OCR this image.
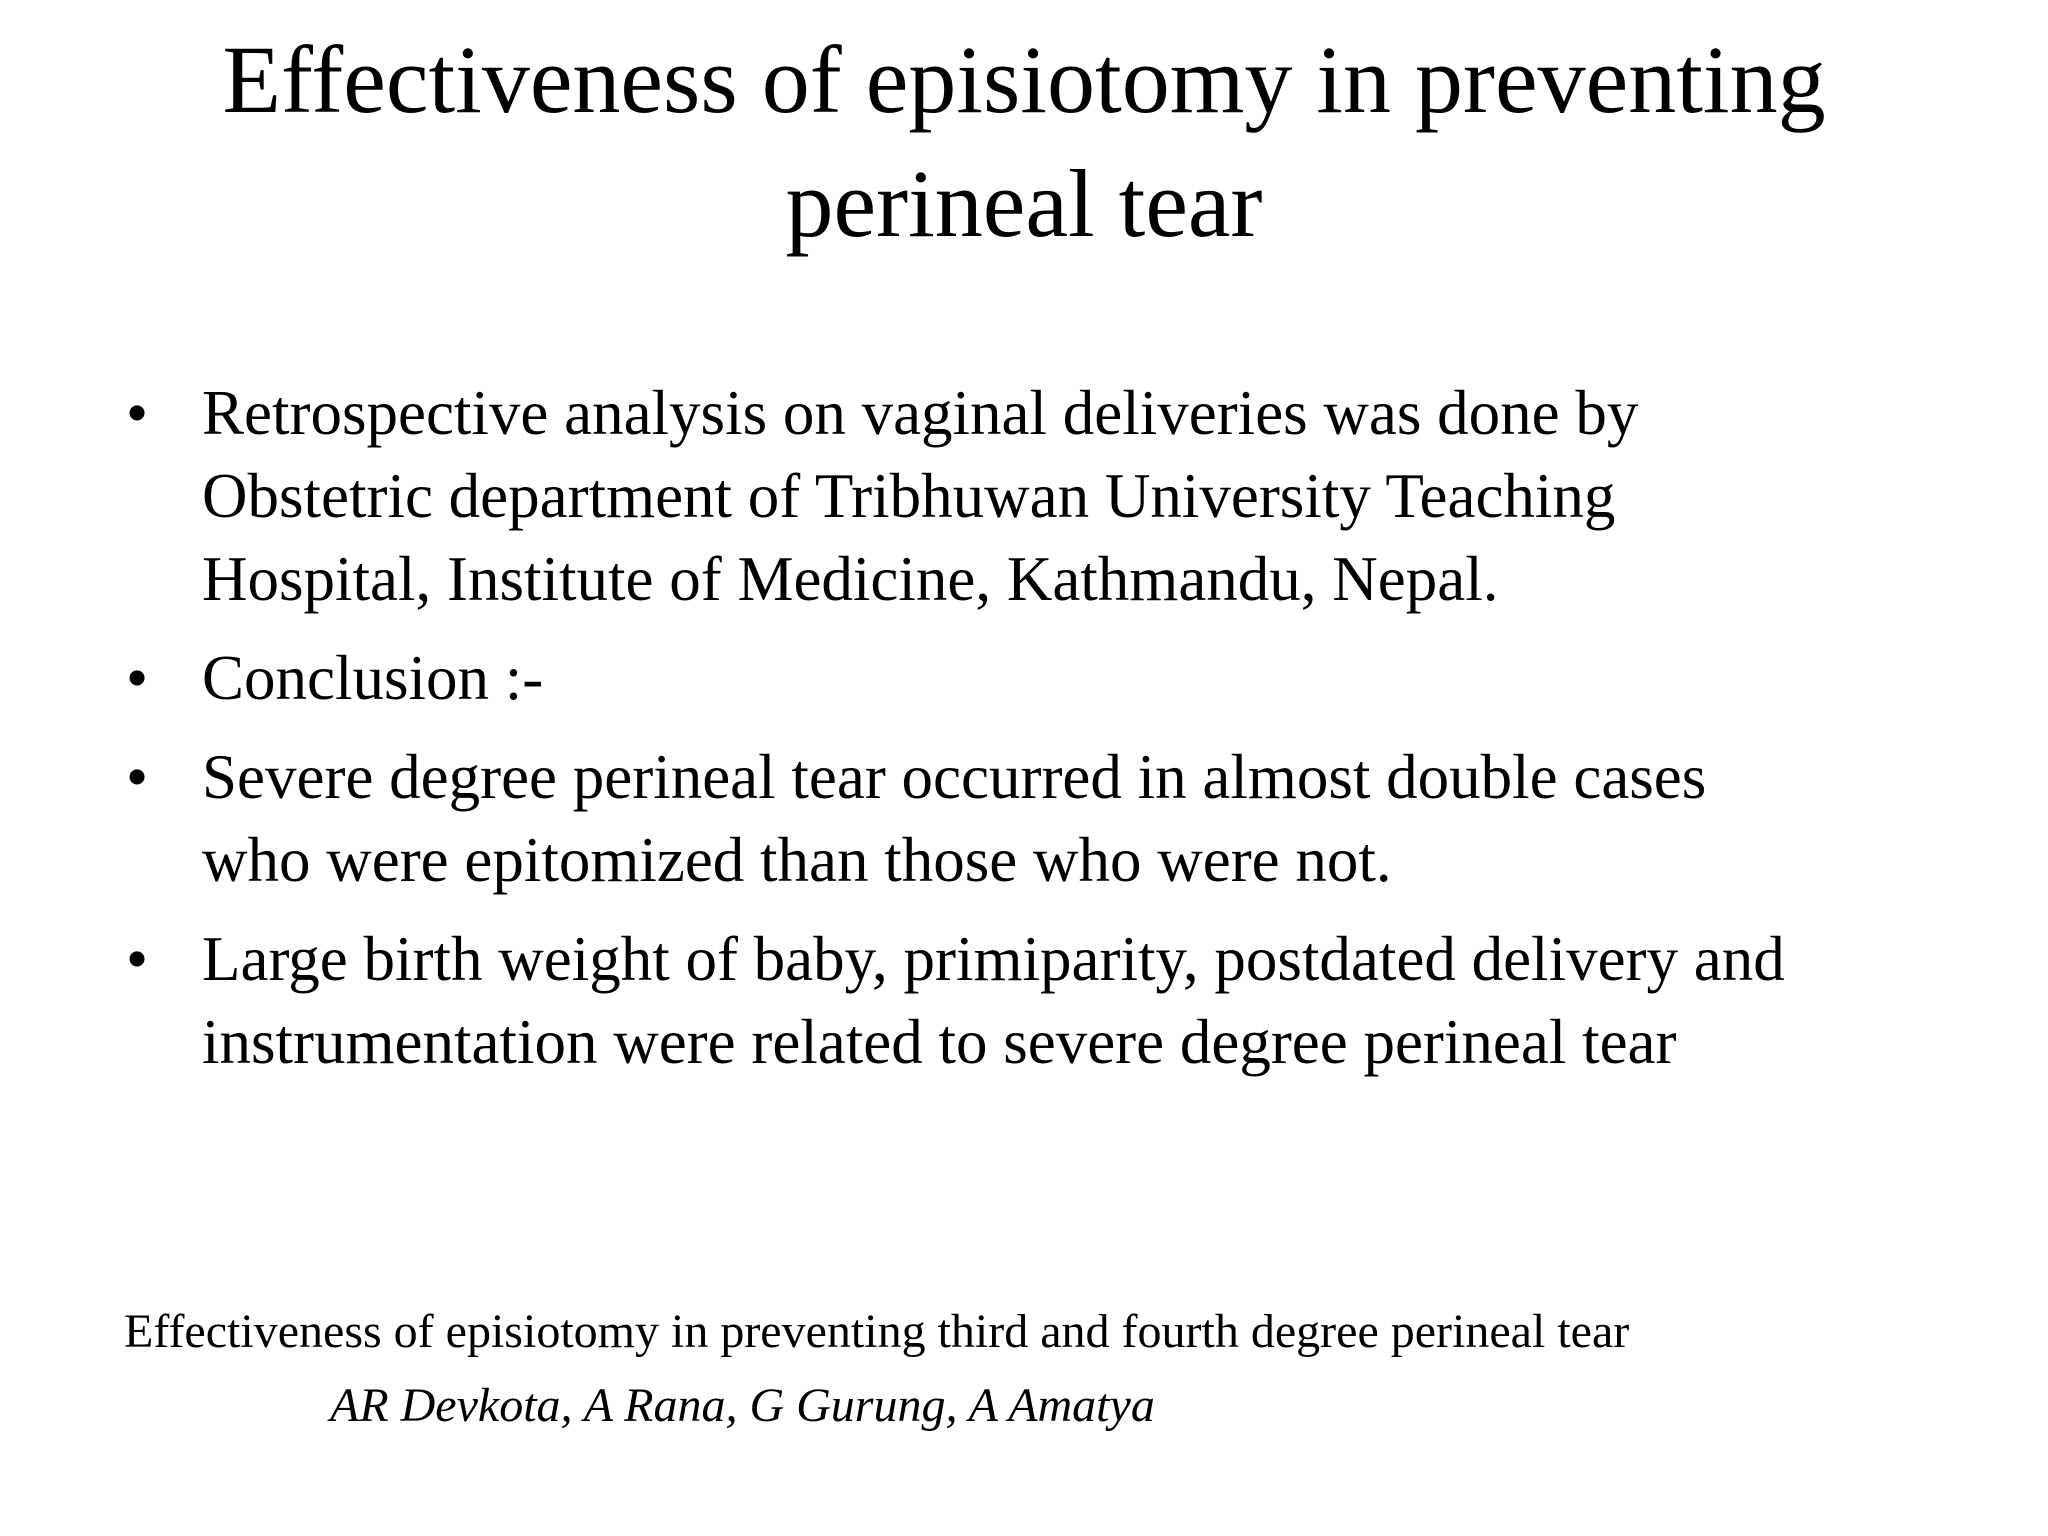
Effectiveness of episiotomy in preventing
perineal tear
• Retrospective analysis on vaginal deliveries was done by
Obstetric department of Tribhuwan University Teaching
Hospital, Institute of Medicine, Kathmandu, Nepal.
• Conclusion :-
• Severe degree perineal tear occurred in almost double cases
who were epitomized than those who were not.
• Large birth weight of baby, primiparity, postdated delivery and
instrumentation were related to severe degree perineal tear
Effectiveness of episiotomy in preventing third and fourth degree perineal tear
AR Devkota, A Rana, G Gurung, A Amatya
